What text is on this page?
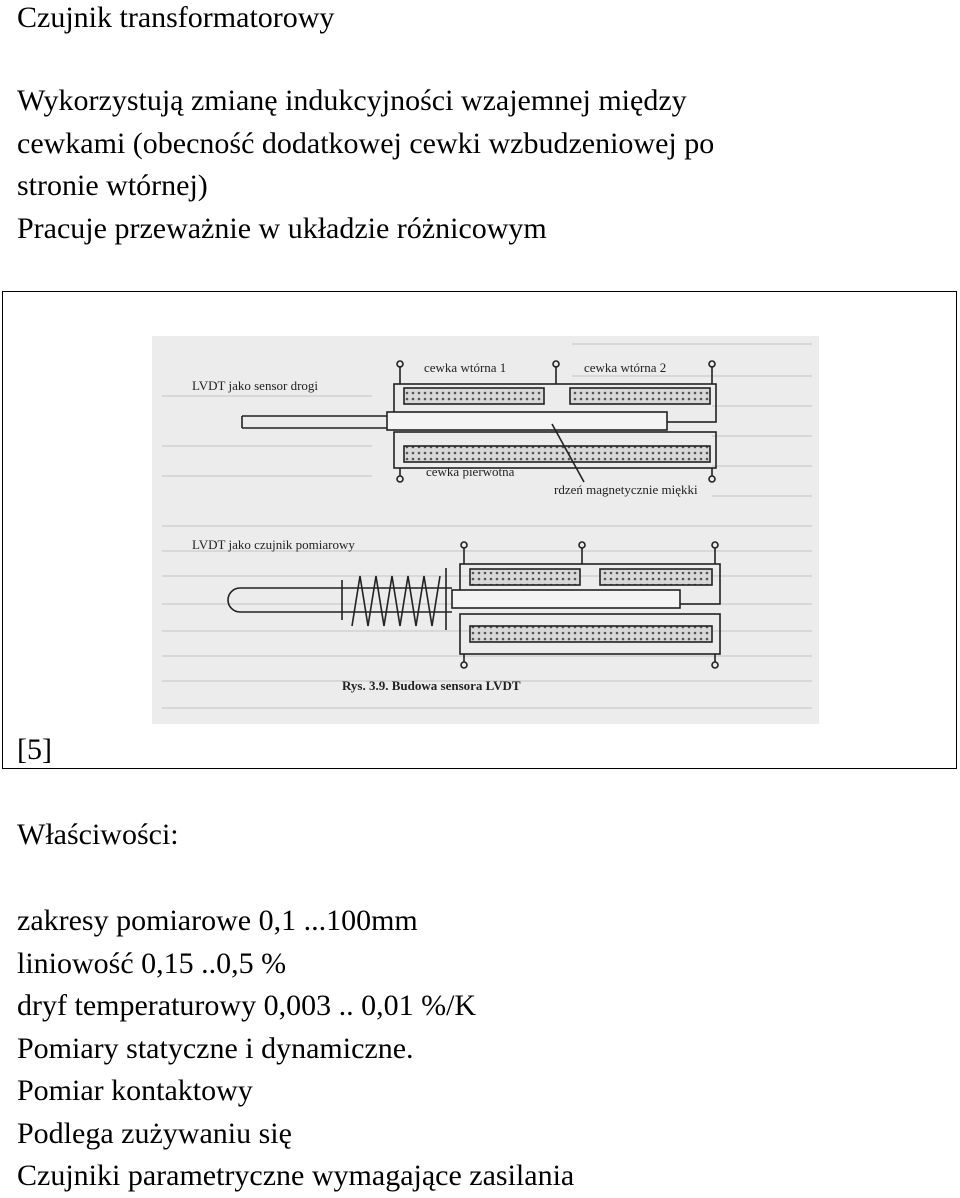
Czujnik transformatorowy
Wykorzystują zmianę indukcyjności wzajemnej między
cewkami (obecność dodatkowej cewki wzbudzeniowej po
stronie wtórnej)
Pracuje przeważnie w układzie różnicowym
LVDT jako sensor drogi
cewka wtórna 1	cewka wtórna 2
cewka pierwotna
rdzeń magnetycznie miękki
LVDT jako czujnik pomiarowy
Rys. 3.9. Budowa sensora LVDT
[5]
Właściwości:
zakresy pomiarowe 0,1 ...100mm
liniowość 0,15 ..0,5 %
dryf temperaturowy 0,003 .. 0,01 %/K
Pomiary statyczne i dynamiczne.
Pomiar kontaktowy
Podlega zużywaniu się
Czujniki parametryczne wymagające zasilania
